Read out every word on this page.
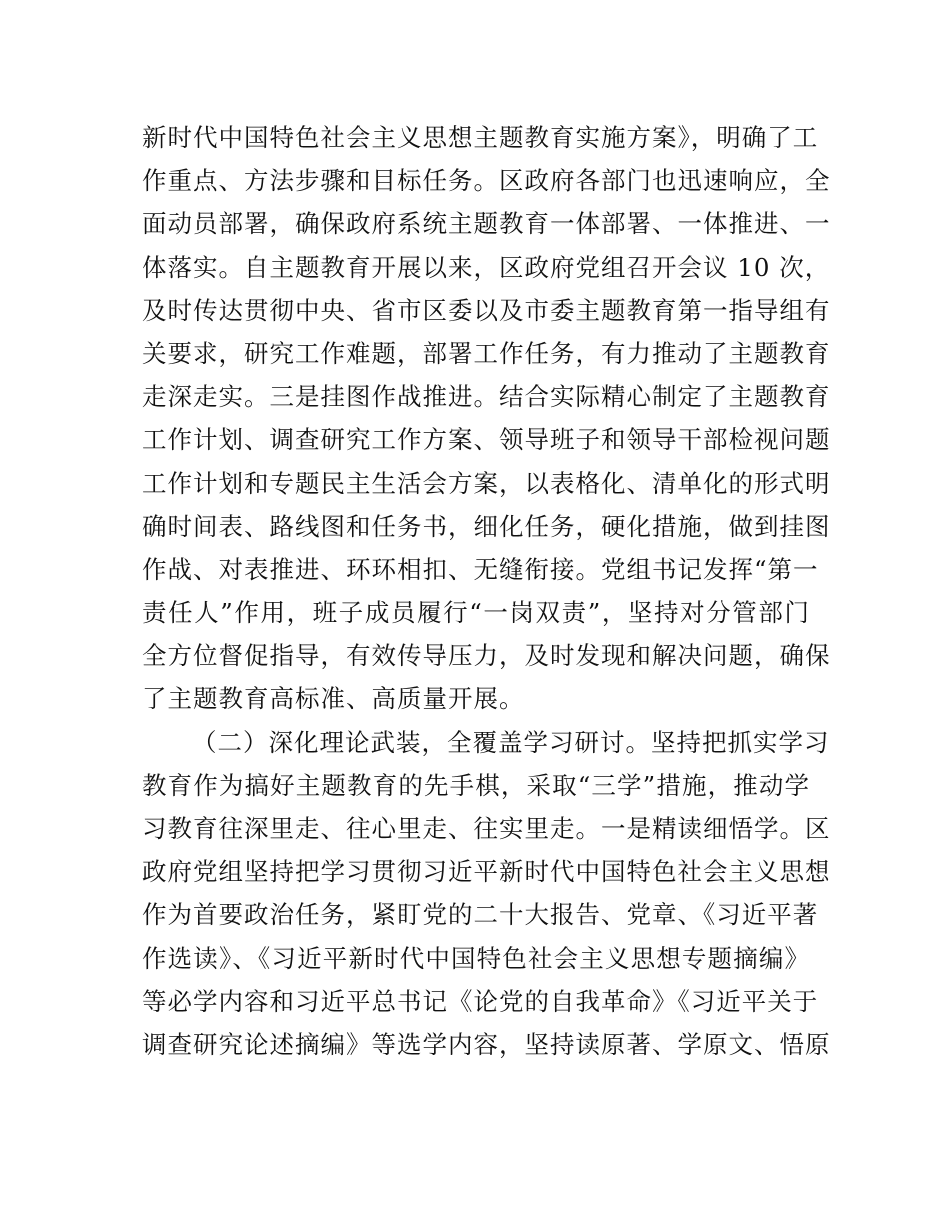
新时代中国特色社会主义思想主题教育实施方案》，明确了工
作重点、方法步骤和目标任务。区政府各部门也迅速响应，全
面动员部署，确保政府系统主题教育一体部署、一体推进、一
体落实。自主题教育开展以来，区政府党组召开会议 10 次，
及时传达贯彻中央、省市区委以及市委主题教育第一指导组有
关要求，研究工作难题，部署工作任务，有力推动了主题教育
走深走实。三是挂图作战推进。结合实际精心制定了主题教育
工作计划、调查研究工作方案、领导班子和领导干部检视问题
工作计划和专题民主生活会方案，以表格化、清单化的形式明
确时间表、路线图和任务书，细化任务，硬化措施，做到挂图
作战、对表推进、环环相扣、无缝衔接。党组书记发挥“第一
责任人”作用，班子成员履行“一岗双责”，坚持对分管部门
全方位督促指导，有效传导压力，及时发现和解决问题，确保
了主题教育高标准、高质量开展。
（二）深化理论武装，全覆盖学习研讨。坚持把抓实学习
教育作为搞好主题教育的先手棋，采取“三学”措施，推动学
习教育往深里走、往心里走、往实里走。一是精读细悟学。区
政府党组坚持把学习贯彻习近平新时代中国特色社会主义思想
作为首要政治任务，紧盯党的二十大报告、党章、《习近平著
作选读》、《习近平新时代中国特色社会主义思想专题摘编》
等必学内容和习近平总书记《论党的自我革命》《习近平关于
调查研究论述摘编》等选学内容，坚持读原著、学原文、悟原
